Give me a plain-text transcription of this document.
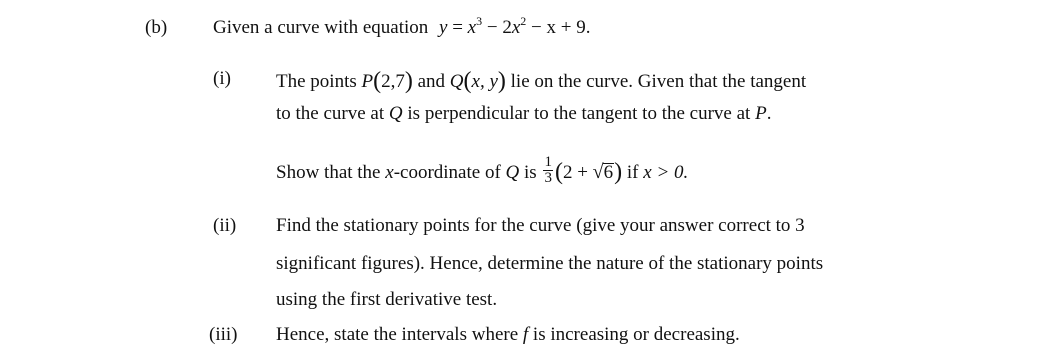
(b) Given a curve with equation $y = x^3 - 2x^2 - x + 9$.
(i) The points P(2,7) and Q(x, y) lie on the curve. Given that the tangent
to the curve at Q is perpendicular to the tangent to the curve at P.
Show that the x-coordinate of Q is $\frac{1}{3} (2 + √6)$ if x > 0.
(ii) Find the stationary points for the curve (give your answer correct to 3
significant figures). Hence, determine the nature of the stationary points
using the first derivative test.
(iii) Hence, state the intervals where f is increasing or decreasing.
